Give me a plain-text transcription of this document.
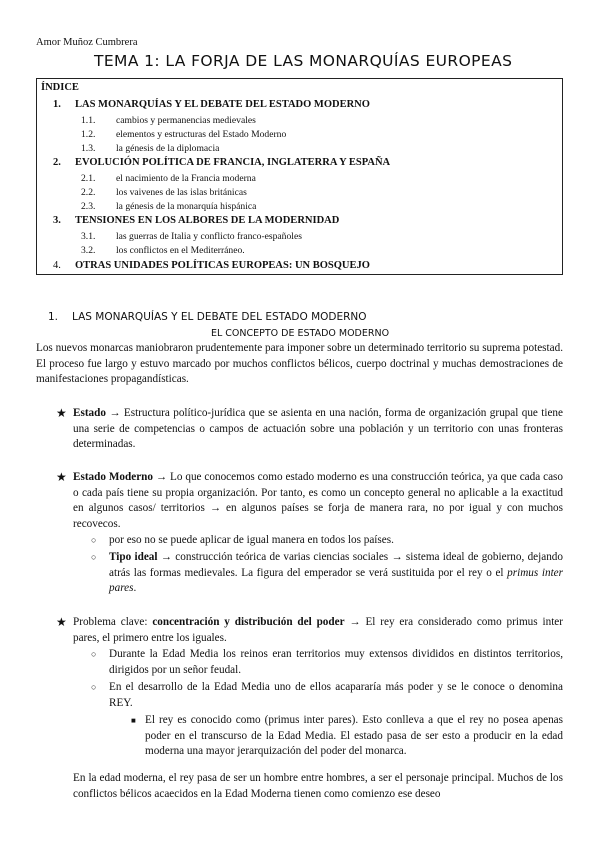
Amor Muñoz Cumbrera
TEMA 1: LA FORJA DE LAS MONARQUÍAS EUROPEAS
ÍNDICE
1. LAS MONARQUÍAS Y EL DEBATE DEL ESTADO MODERNO
1.1. cambios y permanencias medievales
1.2. elementos y estructuras del Estado Moderno
1.3. la génesis de la diplomacia
2. EVOLUCIÓN POLÍTICA DE FRANCIA, INGLATERRA Y ESPAÑA
2.1. el nacimiento de la Francia moderna
2.2. los vaivenes de las islas británicas
2.3. la génesis de la monarquía hispánica
3. TENSIONES EN LOS ALBORES DE LA MODERNIDAD
3.1. las guerras de Italia y conflicto franco-españoles
3.2. los conflictos en el Mediterráneo.
4. OTRAS UNIDADES POLÍTICAS EUROPEAS: UN BOSQUEJO
1. LAS MONARQUÍAS Y EL DEBATE DEL ESTADO MODERNO
EL CONCEPTO DE ESTADO MODERNO
Los nuevos monarcas maniobraron prudentemente para imponer sobre un determinado territorio su suprema potestad. El proceso fue largo y estuvo marcado por muchos conflictos bélicos, cuerpo doctrinal y muchas demostraciones de manifestaciones propagandísticas.
★ Estado → Estructura político-jurídica que se asienta en una nación, forma de organización grupal que tiene una serie de competencias o campos de actuación sobre una población y un territorio con unas fronteras determinadas.
★ Estado Moderno → Lo que conocemos como estado moderno es una construcción teórica, ya que cada caso o cada país tiene su propia organización. Por tanto, es como un concepto general no aplicable a la exactitud en algunos casos/ territorios → en algunos países se forja de manera rara, no por igual y con muchos recovecos.
○ por eso no se puede aplicar de igual manera en todos los países.
○ Tipo ideal → construcción teórica de varias ciencias sociales → sistema ideal de gobierno, dejando atrás las formas medievales. La figura del emperador se verá sustituida por el rey o el primus inter pares.
★ Problema clave: concentración y distribución del poder → El rey era considerado como primus inter pares, el primero entre los iguales.
○ Durante la Edad Media los reinos eran territorios muy extensos divididos en distintos territorios, dirigidos por un señor feudal.
○ En el desarrollo de la Edad Media uno de ellos acapararía más poder y se le conoce o denomina REY.
■ El rey es conocido como (primus inter pares). Esto conlleva a que el rey no posea apenas poder en el transcurso de la Edad Media. El estado pasa de ser esto a producir en la edad moderna una mayor jerarquización del poder del monarca.
En la edad moderna, el rey pasa de ser un hombre entre hombres, a ser el personaje principal. Muchos de los conflictos bélicos acaecidos en la Edad Moderna tienen como comienzo ese deseo
